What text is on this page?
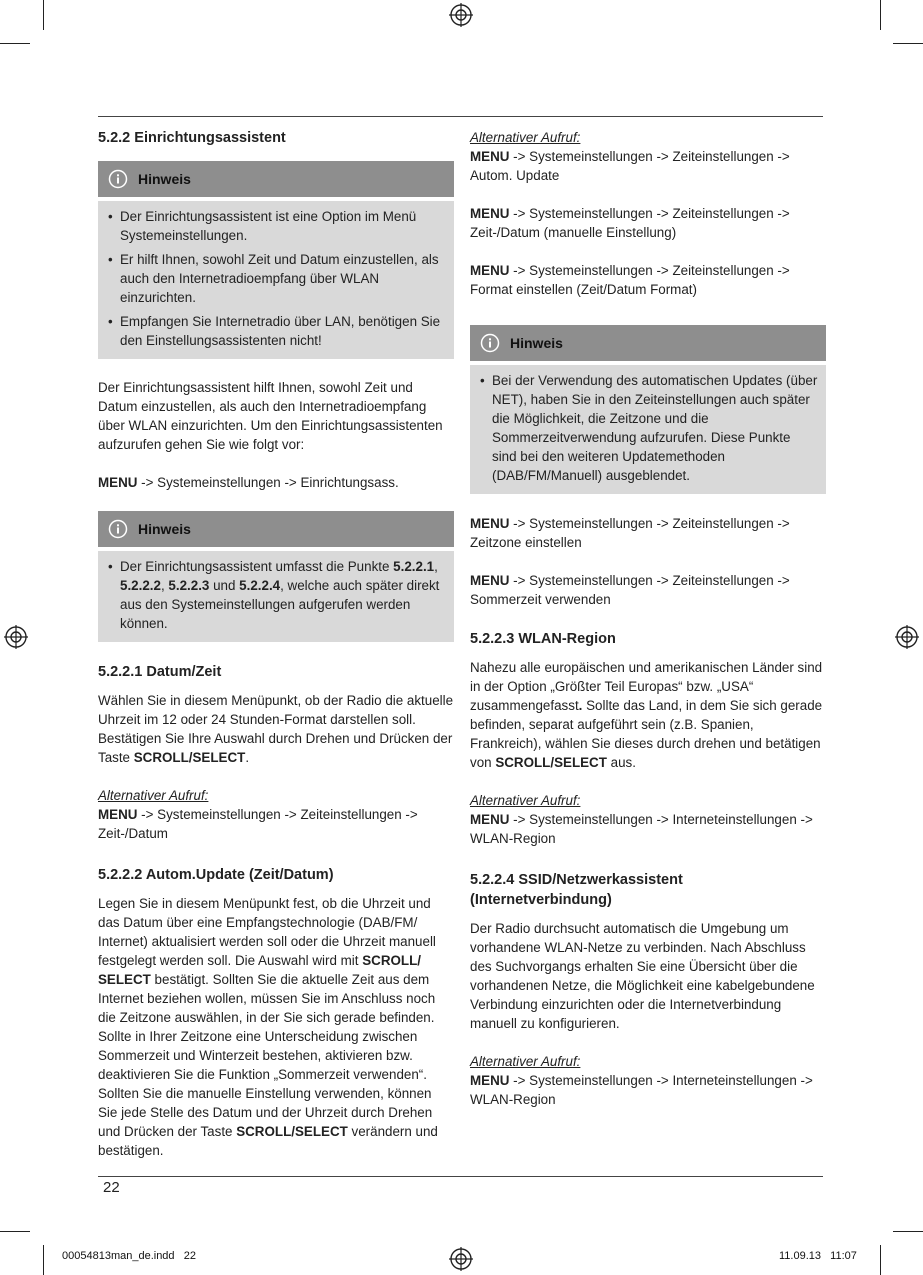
5.2.2 Einrichtungsassistent
Hinweis
• Der Einrichtungsassistent ist eine Option im Menü Systemeinstellungen.
• Er hilft Ihnen, sowohl Zeit und Datum einzustellen, als auch den Internetradioempfang über WLAN einzurichten.
• Empfangen Sie Internetradio über LAN, benötigen Sie den Einstellungsassistenten nicht!

Der Einrichtungsassistent hilft Ihnen, sowohl Zeit und Datum einzustellen, als auch den Internetradioempfang über WLAN einzurichten. Um den Einrichtungsassistenten aufzurufen gehen Sie wie folgt vor:

MENU -> Systemeinstellungen -> Einrichtungsass.

Hinweis
• Der Einrichtungsassistent umfasst die Punkte 5.2.2.1, 5.2.2.2, 5.2.2.3 und 5.2.2.4, welche auch später direkt aus den Systemeinstellungen aufgerufen werden können.
5.2.2.1 Datum/Zeit

Wählen Sie in diesem Menüpunkt, ob der Radio die aktuelle Uhrzeit im 12 oder 24 Stunden-Format darstellen soll. Bestätigen Sie Ihre Auswahl durch Drehen und Drücken der Taste SCROLL/SELECT.

Alternativer Aufruf:

MENU -> Systemeinstellungen -> Zeiteinstellungen -> Zeit-/Datum

5.2.2.2 Autom.Update (Zeit/Datum)

Legen Sie in diesem Menüpunkt fest, ob die Uhrzeit und das Datum über eine Empfangstechnologie (DAB/FM/ Internet) aktualisiert werden soll oder die Uhrzeit manuell festgelegt werden soll. Die Auswahl wird mit SCROLL/ SELECT bestätigt. Sollten Sie die aktuelle Zeit aus dem Internet beziehen wollen, müssen Sie im Anschluss noch die Zeitzone auswählen, in der Sie sich gerade befinden. Sollte in Ihrer Zeitzone eine Unterscheidung zwischen Sommerzeit und Winterzeit bestehen, aktivieren bzw. deaktivieren Sie die Funktion „Sommerzeit verwenden“. Sollten Sie die manuelle Einstellung verwenden, können Sie jede Stelle des Datum und der Uhrzeit durch Drehen und Drücken der Taste SCROLL/SELECT verändern und bestätigen.

Alternativer Aufruf:

MENU -> Systemeinstellungen -> Zeiteinstellungen -> Autom. Update

MENU -> Systemeinstellungen -> Zeiteinstellungen -> Zeit-/Datum (manuelle Einstellung)

MENU -> Systemeinstellungen -> Zeiteinstellungen -> Format einstellen (Zeit/Datum Format)

Hinweis
• Bei der Verwendung des automatischen Updates (über NET), haben Sie in den Zeiteinstellungen auch später die Möglichkeit, die Zeitzone und die Sommerzeitverwendung aufzurufen. Diese Punkte sind bei den weiteren Updatemethoden (DAB/FM/Manuell) ausgeblendet.

MENU -> Systemeinstellungen -> Zeiteinstellungen -> Zeitzone einstellen

MENU -> Systemeinstellungen -> Zeiteinstellungen -> Sommerzeit verwenden

5.2.2.3 WLAN-Region

Nahezu alle europäischen und amerikanischen Länder sind in der Option „Größter Teil Europas“ bzw. „USA“ zusammengefasst. Sollte das Land, in dem Sie sich gerade befinden, separat aufgeführt sein (z.B. Spanien, Frankreich), wählen Sie dieses durch drehen und betätigen von SCROLL/SELECT aus.

Alternativer Aufruf:

MENU -> Systemeinstellungen -> Interneteinstellungen -> WLAN-Region

5.2.2.4 SSID/Netzwerkassistent (Internetverbindung)

Der Radio durchsucht automatisch die Umgebung um vorhandene WLAN-Netze zu verbinden. Nach Abschluss des Suchvorgangs erhalten Sie eine Übersicht über die vorhandenen Netze, die Möglichkeit eine kabelgebundene Verbindung einzurichten oder die Internetverbindung manuell zu konfigurieren.

Alternativer Aufruf:

MENU -> Systemeinstellungen -> Interneteinstellungen -> WLAN-Region

22
00054813man_de.indd   22	11.09.13   11:07
